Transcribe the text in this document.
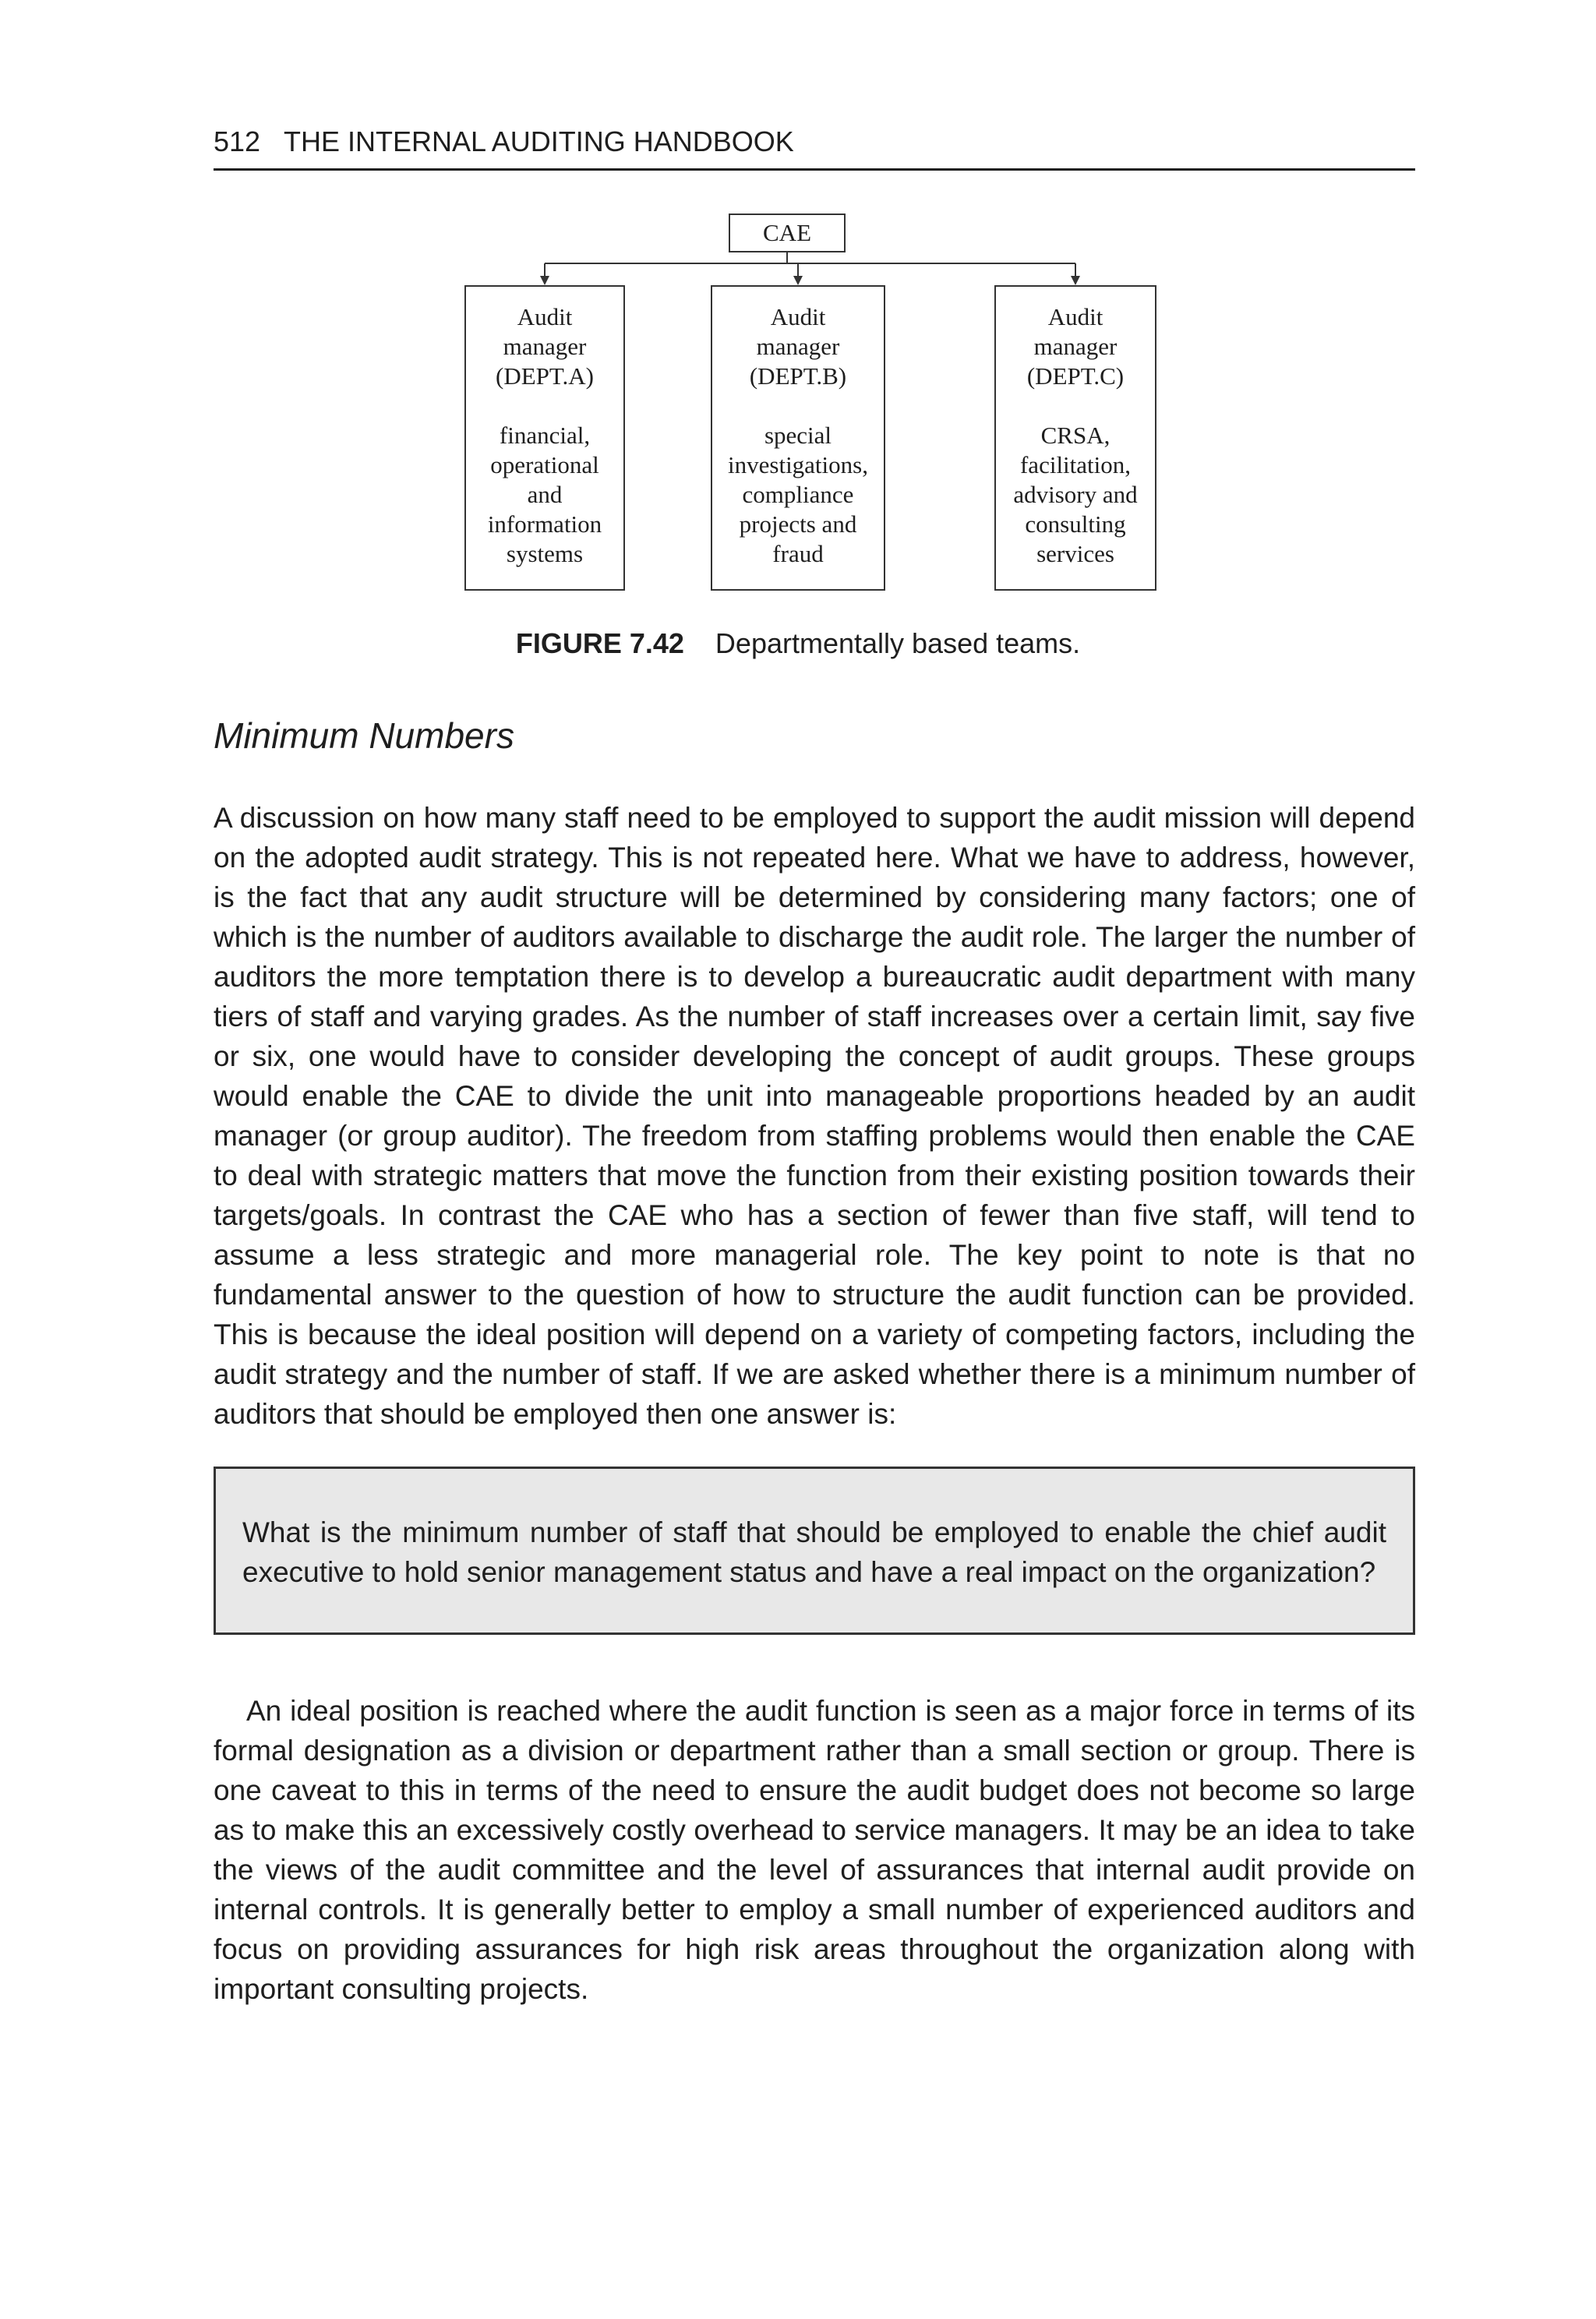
512 THE INTERNAL AUDITING HANDBOOK
CAE

Audit
manager
(DEPT.A)

financial,
operational
and
information
systems

Audit
manager
(DEPT.B)

special
investigations,
compliance
projects and
fraud

Audit
manager
(DEPT.C)

CRSA,
facilitation,
advisory and
consulting
services

FIGURE 7.42 Departmentally based teams.
Minimum Numbers

A discussion on how many staff need to be employed to support the audit mission will depend on the adopted audit strategy. This is not repeated here. What we have to address, however, is the fact that any audit structure will be determined by considering many factors; one of which is the number of auditors available to discharge the audit role. The larger the number of auditors the more temptation there is to develop a bureaucratic audit department with many tiers of staff and varying grades. As the number of staff increases over a certain limit, say five or six, one would have to consider developing the concept of audit groups. These groups would enable the CAE to divide the unit into manageable proportions headed by an audit manager (or group auditor). The freedom from staffing problems would then enable the CAE to deal with strategic matters that move the function from their existing position towards their targets/goals. In contrast the CAE who has a section of fewer than five staff, will tend to assume a less strategic and more managerial role. The key point to note is that no fundamental answer to the question of how to structure the audit function can be provided. This is because the ideal position will depend on a variety of competing factors, including the audit strategy and the number of staff. If we are asked whether there is a minimum number of auditors that should be employed then one answer is:

What is the minimum number of staff that should be employed to enable the chief audit executive to hold senior management status and have a real impact on the organization?

An ideal position is reached where the audit function is seen as a major force in terms of its formal designation as a division or department rather than a small section or group. There is one caveat to this in terms of the need to ensure the audit budget does not become so large as to make this an excessively costly overhead to service managers. It may be an idea to take the views of the audit committee and the level of assurances that internal audit provide on internal controls. It is generally better to employ a small number of experienced auditors and focus on providing assurances for high risk areas throughout the organization along with important consulting projects.
